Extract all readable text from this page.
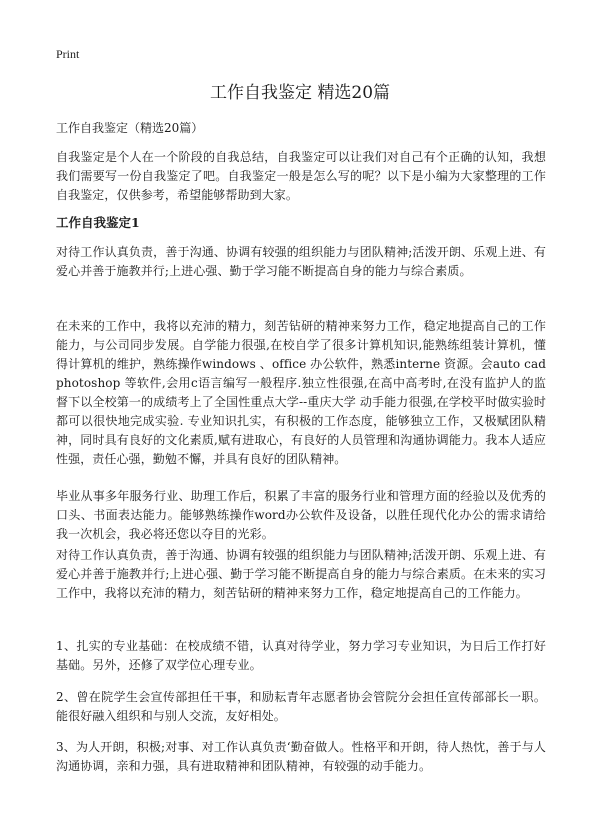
Print
工作自我鉴定 精选20篇
工作自我鉴定（精选20篇）

自我鉴定是个人在一个阶段的自我总结，自我鉴定可以让我们对自己有个正确的认知，我想我们需要写一份自我鉴定了吧。自我鉴定一般是怎么写的呢？以下是小编为大家整理的工作自我鉴定，仅供参考，希望能够帮助到大家。

工作自我鉴定1

对待工作认真负责，善于沟通、协调有较强的组织能力与团队精神;活泼开朗、乐观上进、有爱心并善于施教并行;上进心强、勤于学习能不断提高自身的能力与综合素质。

在未来的工作中，我将以充沛的精力，刻苦钻研的精神来努力工作，稳定地提高自己的工作能力，与公司同步发展。自学能力很强,在校自学了很多计算机知识,能熟练组装计算机，懂得计算机的维护，熟练操作windows 、office 办公软件，熟悉interne 资源。会auto cad photoshop 等软件,会用c语言编写一般程序.独立性很强,在高中高考时,在没有监护人的监督下以全校第一的成绩考上了全国性重点大学--重庆大学 动手能力很强,在学校平时做实验时都可以很快地完成实验. 专业知识扎实，有积极的工作态度，能够独立工作，又极赋团队精神，同时具有良好的文化素质,赋有进取心，有良好的人员管理和沟通协调能力。我本人适应性强，责任心强，勤勉不懈，并具有良好的团队精神。

毕业从事多年服务行业、助理工作后，积累了丰富的服务行业和管理方面的经验以及优秀的口头、书面表达能力。能够熟练操作word办公软件及设备，以胜任现代化办公的需求请给我一次机会，我必将还您以夺目的光彩。

对待工作认真负责，善于沟通、协调有较强的组织能力与团队精神;活泼开朗、乐观上进、有爱心并善于施教并行;上进心强、勤于学习能不断提高自身的能力与综合素质。在未来的实习工作中，我将以充沛的精力，刻苦钻研的精神来努力工作，稳定地提高自己的工作能力。

1、扎实的专业基础：在校成绩不错，认真对待学业，努力学习专业知识，为日后工作打好基础。另外，还修了双学位心理专业。

2、曾在院学生会宣传部担任干事，和励耘青年志愿者协会管院分会担任宣传部部长一职。能很好融入组织和与别人交流，友好相处。

3、为人开朗，积极;对事、对工作认真负责‘勤奋做人。性格平和开朗，待人热忱，善于与人沟通协调，亲和力强，具有进取精神和团队精神，有较强的动手能力。
